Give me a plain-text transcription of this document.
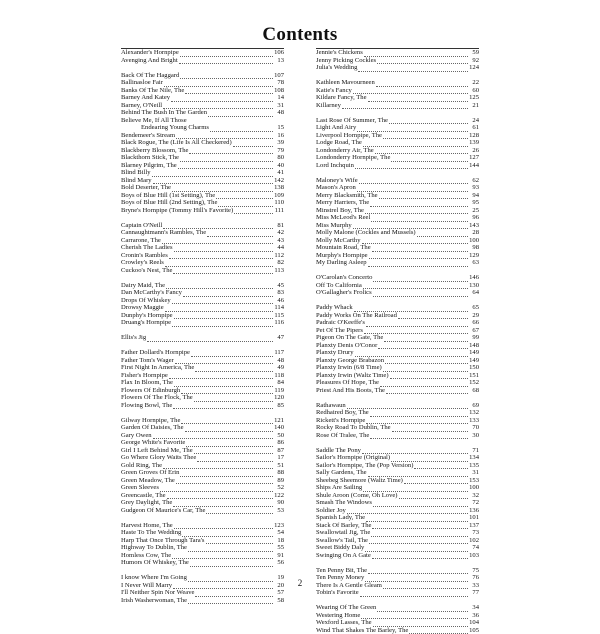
Contents
Alexander's Hornpipe	106
Avenging And Bright	13
Back Of The Haggard	107
Ballinasloe Fair	78
Banks Of The Nile, The	108
Barney And Katey	14
Barney, O'Neill	31
Behind The Bush In The Garden	48
Believe Me, If All Those
Endearing Young Charms	15
Bendemeer's Stream	16
Black Rogue, The (Life Is All Checkered)	39
Blackberry Blossom, The	79
Blackthorn Stick, The	80
Blarney Pilgrim, The	40
Blind Billy	41
Blind Mary	142
Bold Deserter, The	138
Boys of Blue Hill (1st Setting), The	109
Boys of Blue Hill (2nd Setting), The	110
Bryne's Hornpipe (Tommy Hill's Favorite)	111
Captain O'Neill	81
Cannaughtmann's Rambles, The	42
Carrarone, The	43
Cherish The Ladies	44
Cronin's Rambles	112
Crowley's Reels	82
Cuckoo's Nest, The	113
Dairy Maid, The	45
Dan McCarthy's Fancy	83
Drops Of Whiskey	46
Drowsy Maggie	114
Dunphy's Hornpipe	115
Druang's Hornpipe	116
Ellis's Jig	47
Father Dollard's Hornpipe	117
Father Tom's Wager	48
First Night In America, The	49
Fisher's Hornpipe	118
Flax In Bloom, The	84
Flowers Of Edinburgh	119
Flowers Of The Flock, The	120
Flowing Bowl, The	85
Gilway Hornpipe, The	121
Garden Of Daisies, The	140
Gary Owen	50
George White's Favorite	86
Girl I Left Behind Me, The	87
Go Where Glory Waits Thee	17
Gold Ring, The	51
Green Groves Of Erin	88
Green Meadow, The	89
Green Sleeves	52
Greencastle, The	122
Grey Daylight, The	90
Gudgeon Of Maurice's Car, The	53
Harvest Home, The	123
Haste To The Wedding	54
Harp That Once Through Tara's	18
Highway To Dublin, The	55
Homless Cow, The	91
Humors Of Whiskey, The	56
I know Where I'm Going	19
I Never Will Marry	20
I'll Neither Spin Nor Weave	57
Irish Washerwoman, The	58
Jennie's Chickens	59
Jenny Picking Cockles	92
Julia's Wedding	124
Kathleen Mavourneen	22
Katie's Fancy	60
Kildare Fancy, The	125
Killarney	21
Last Rose Of Summer, The	24
Light And Airy	61
Liverpool Hornpipe, The	128
Lodge Road, The	139
Londonderry Air, The	26
Londonderry Hornpipe, The	127
Lord Inchquin	144
Maloney's Wife	62
Mason's Apron	93
Merry Blacksmith, The	94
Merry Harriers, The	95
Minstrel Boy, The	25
Miss McLeod's Reel	96
Miss Murphy	143
Molly Malone (Cockles and Mussels)	28
Molly McCarthy	100
Mountain Road, The	98
Murphy's Hornpipe	129
My Darling Asleep	63
O'Carolan's Concerto	146
Off To California	130
O'Gallagher's Frolics	64
Paddy Whack	65
Paddy Works On The Railroad	29
Padraic O'Keeffe's	66
Pet Of The Pipers	67
Pigeon On The Gate, The	99
Planxty Denis O'Conor	148
Planxty Drury	149
Planxty George Brabazon	149
Planxty Irwin (6/8 Time)	150
Planxty Irwin (Waltz Time)	151
Pleasures Of Hope, The	152
Priest And His Boots, The	68
Rathawaun	69
Redhaired Boy, The	132
Rickett's Hornpipe	133
Rocky Road To Dublin, The	70
Rose Of Tralee, The	30
Saddle The Pony	71
Sailor's Hornpipe (Original)	134
Sailor's Hornpipe, The (Pop Version)	135
Sally Gardens, The	31
Sheebeg Sheemore (Waltz Time)	153
Ships Are Sailing	100
Shule Aroon (Come, Oh Love)	32
Smash The Windows	72
Soldier Joy	136
Spanish Lady, The	101
Stack Of Barley, The	137
Swallowtail Jig, The	73
Swallow's Tail, The	102
Sweet Biddy Daly	74
Swinging On A Gate	103
Ten Penny Bit, The	75
Ten Penny Money	76
There Is A Gentle Gleam	33
Tobin's Favorite	77
Wearing Of The Green	34
Westering Home	36
Wexford Lasses, The	104
Wind That Shakes The Barley, The	105
2
